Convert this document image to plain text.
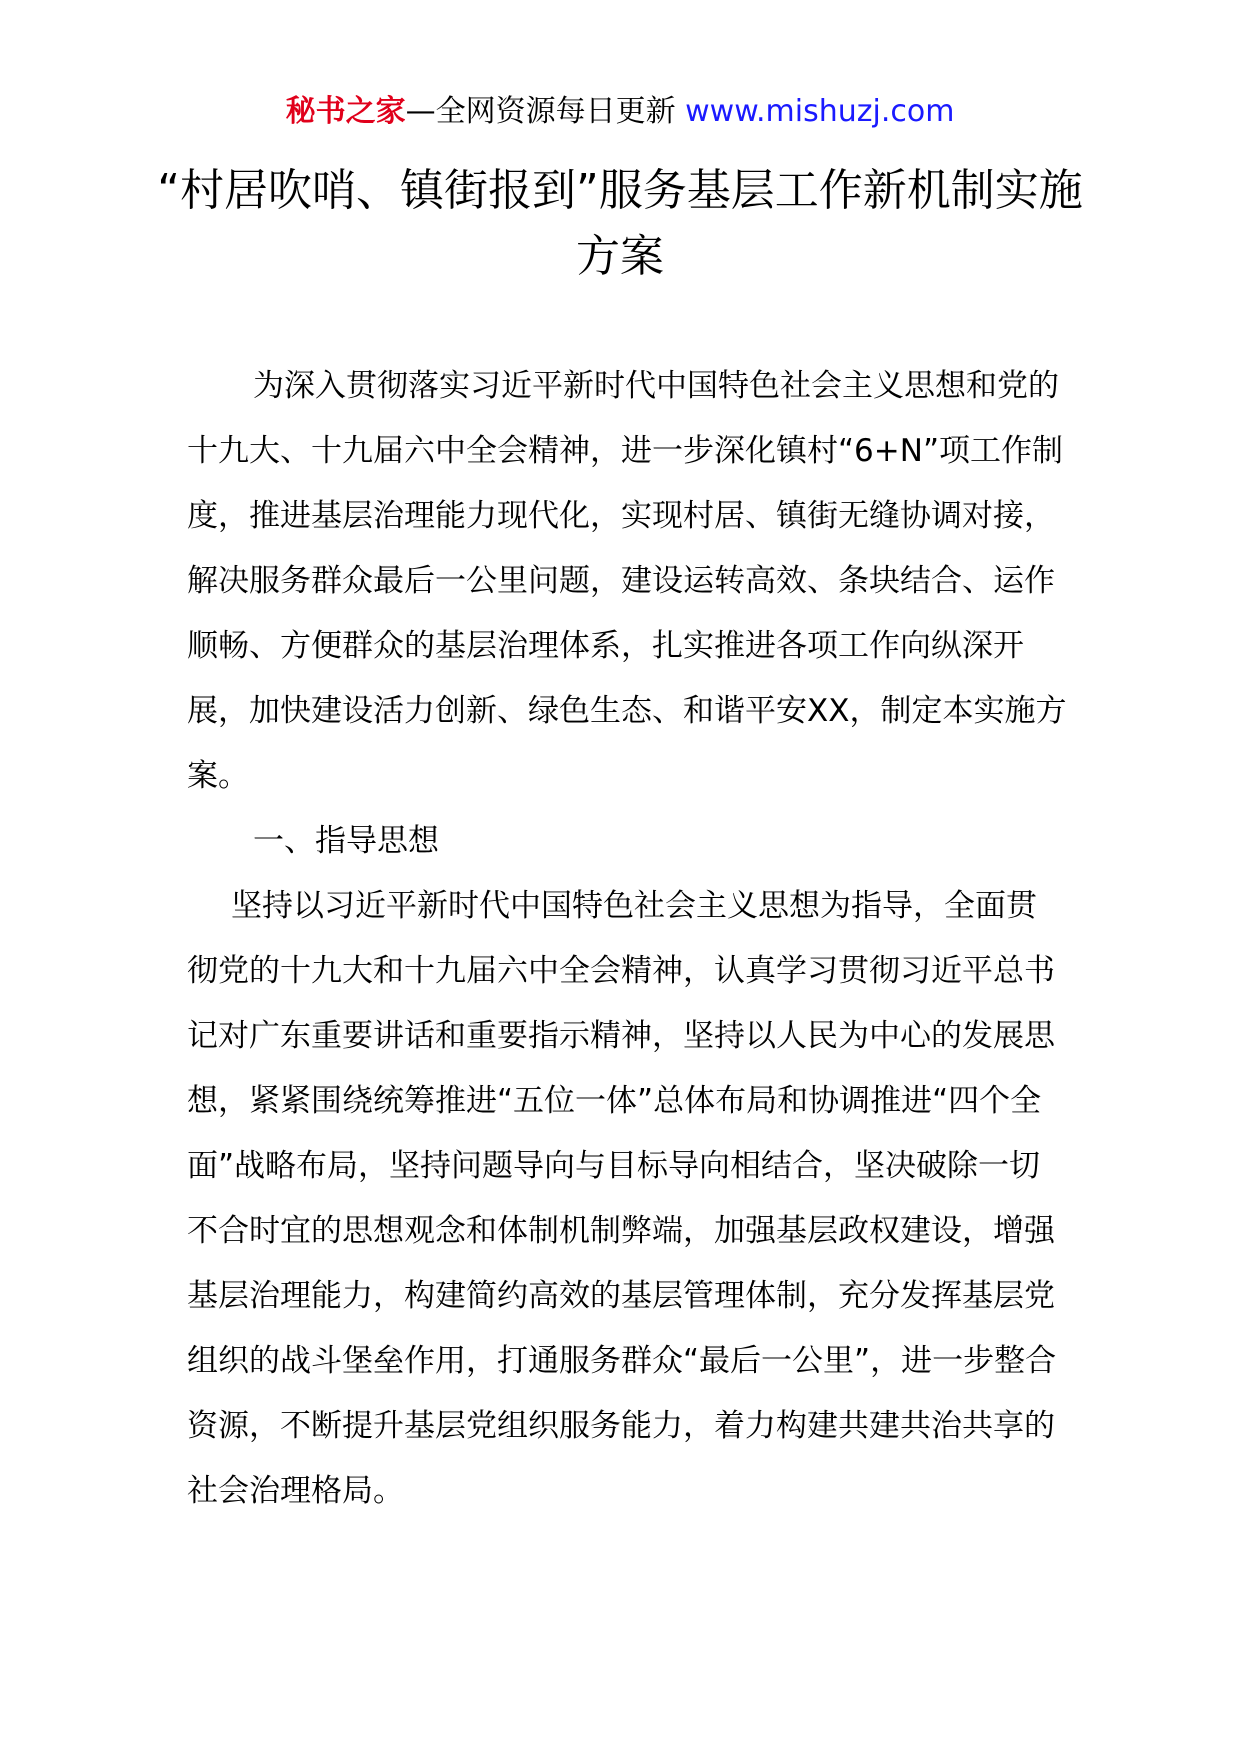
秘书之家—全网资源每日更新 www.mishuzj.com
“村居吹哨、镇街报到”服务基层工作新机制实施方案

为深入贯彻落实习近平新时代中国特色社会主义思想和党的十九大、十九届六中全会精神，进一步深化镇村“6+N”项工作制度，推进基层治理能力现代化，实现村居、镇街无缝协调对接，解决服务群众最后一公里问题，建设运转高效、条块结合、运作顺畅、方便群众的基层治理体系，扎实推进各项工作向纵深开展，加快建设活力创新、绿色生态、和谐平安XX，制定本实施方案。

一、指导思想

坚持以习近平新时代中国特色社会主义思想为指导，全面贯彻党的十九大和十九届六中全会精神，认真学习贯彻习近平总书记对广东重要讲话和重要指示精神，坚持以人民为中心的发展思想，紧紧围绕统筹推进“五位一体”总体布局和协调推进“四个全面”战略布局，坚持问题导向与目标导向相结合，坚决破除一切不合时宜的思想观念和体制机制弊端，加强基层政权建设，增强基层治理能力，构建简约高效的基层管理体制，充分发挥基层党组织的战斗堡垒作用，打通服务群众“最后一公里”，进一步整合资源，不断提升基层党组织服务能力，着力构建共建共治共享的社会治理格局。
